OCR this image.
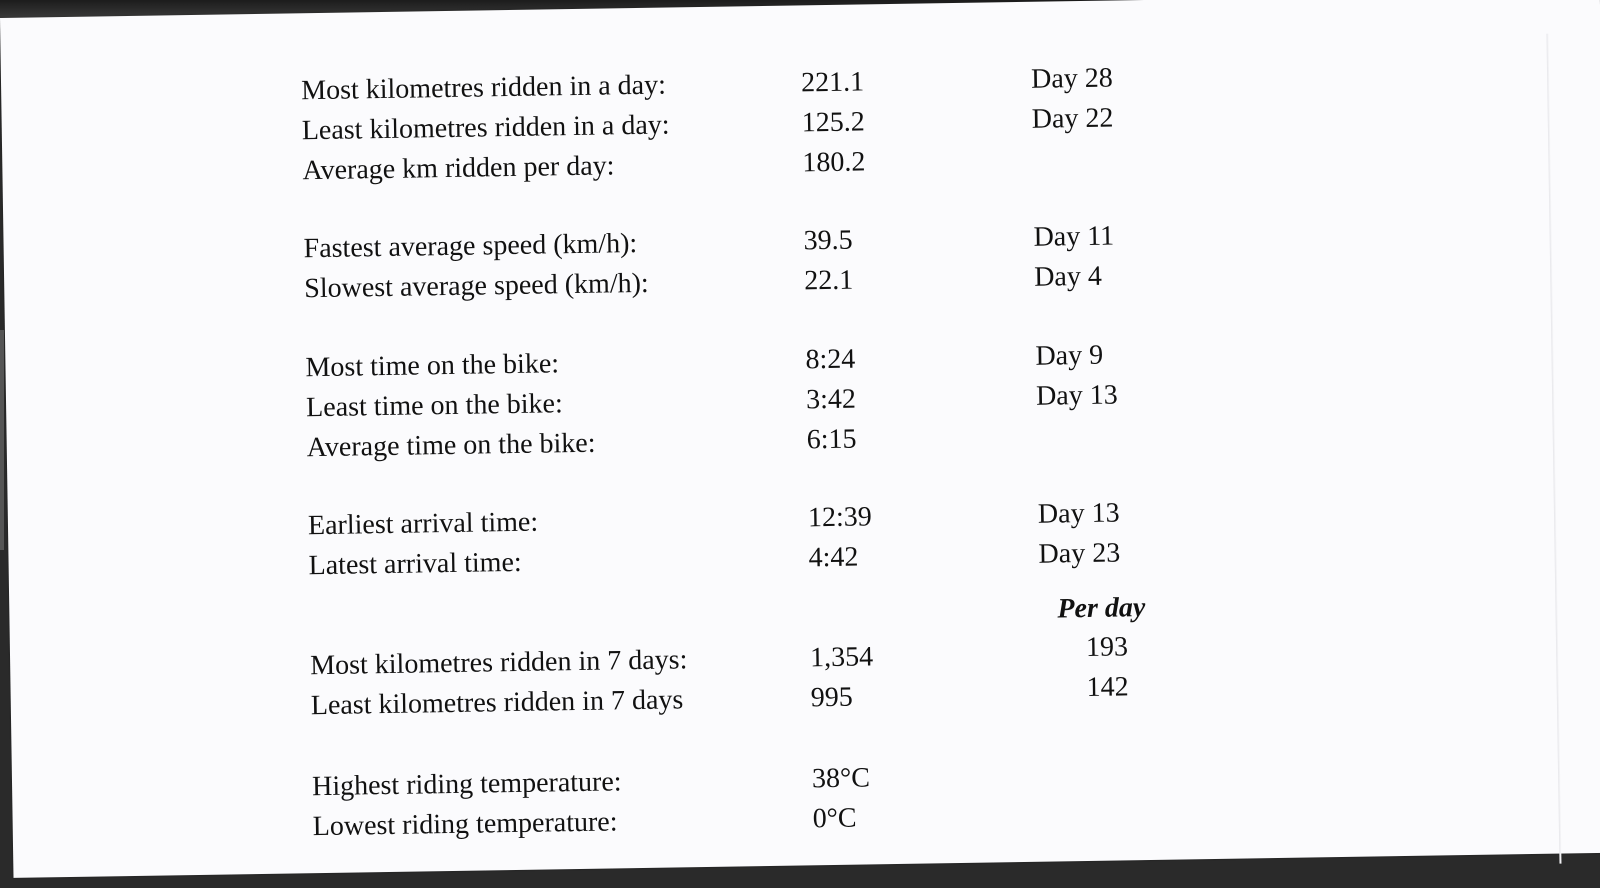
Most kilometres ridden in a day:	221.1	Day 28
Least kilometres ridden in a day:	125.2	Day 22
Average km ridden per day:	180.2
Fastest average speed (km/h):	39.5	Day 11
Slowest average speed (km/h):	22.1	Day 4
Most time on the bike:	8:24	Day 9
Least time on the bike:	3:42	Day 13
Average time on the bike:	6:15
Earliest arrival time:	12:39	Day 13
Latest arrival time:	4:42	Day 23
Per day
Most kilometres ridden in 7 days:	1,354	193
Least kilometres ridden in 7 days	995	142
Highest riding temperature:	38°C
Lowest riding temperature:	0°C
